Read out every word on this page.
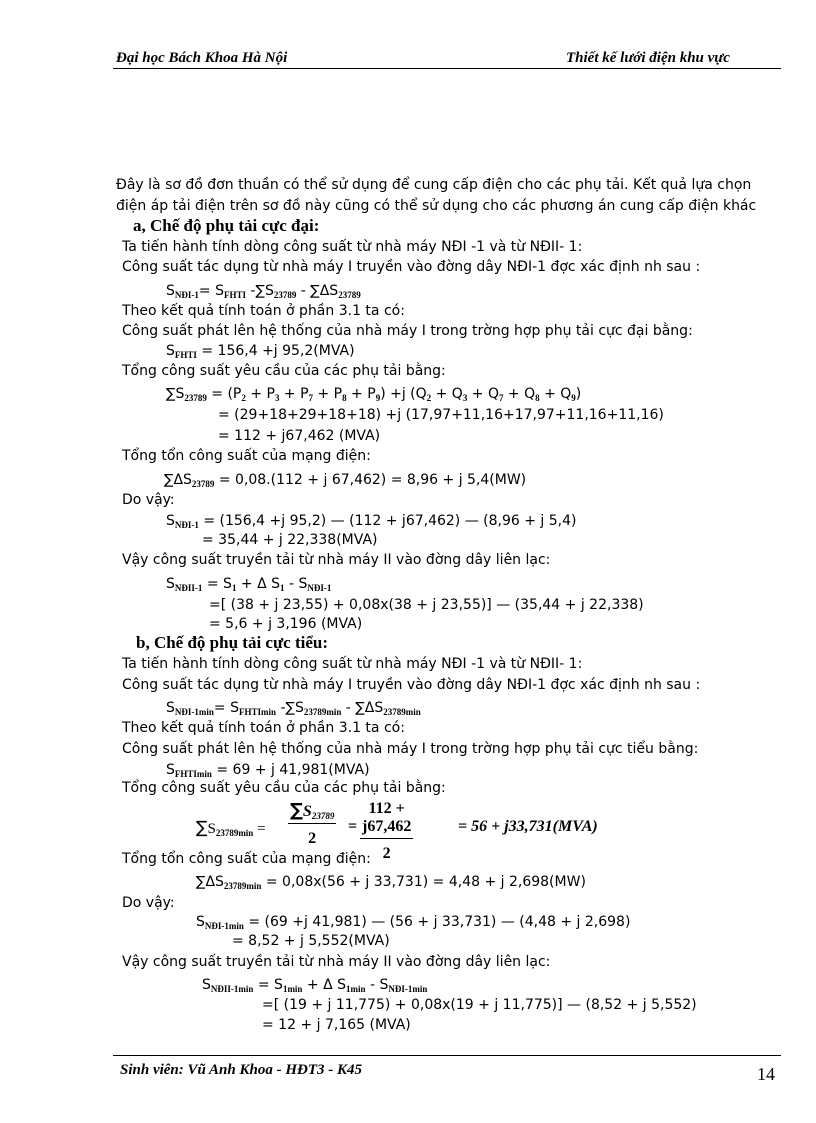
Đại học Bách Khoa Hà Nội	Thiết kế lưới điện khu vực
Đây là sơ đồ đơn thuần có thể sử dụng để cung cấp điện cho các phụ tải. Kết quả lựa chọn
điện áp tải điện trên sơ đồ này cũng có thể sử dụng cho các phương án cung cấp điện khác
a, Chế độ phụ tải cực đại:
Ta tiến hành tính dòng công suất từ nhà máy NĐI -1 và từ NĐII- 1:
Công suất tác dụng từ nhà máy I truyền vào đờng dây NĐI-1 đợc xác định nh sau :
$S_{NĐI-1}= S_{FHTI}$ $-\sum S_{23789} - \sum\Delta S_{23789}$
Theo kết quả tính toán ở phần 3.1 ta có:
Công suất phát lên hệ thống của nhà máy I trong trờng hợp phụ tải cực đại bằng:
$S_{FHTI} = 156,4 +j$ 95,2(MVA)
Tổng công suất yêu cầu của các phụ tải bằng:
$\sum S_{23789} = (P_2 + P_3 + P_7 + P_8 + P_9) +j$ $(Q_2 + Q_3 + Q_7 + Q_8 + Q_9)$
= (29+18+29+18+18) +j (17,97+11,16+17,97+11,16+11,16)
= 112 + j67,462 (MVA)
Tổng tổn công suất của mạng điện:
$\sum\Delta S_{23789} = 0,08.(112 + j$ 67,462) = 8,96 + j 5,4(MW)
Do vậy:
$S_{NĐI-1} = (156,4 +j$ 95,2) — (112 + j67,462) — (8,96 + j 5,4)
= 35,44 + j 22,338(MVA)
Vậy công suất truyền tải từ nhà máy II vào đờng dây liên lạc:
$S_{NĐII-1} = S_1 + \Delta$ $S_1 - S_{NĐI-1}$
=[ (38 + j 23,55) + 0,08x(38 + j 23,55)] — (35,44 + j 22,338)
= 5,6 + j 3,196 (MVA)
b, Chế độ phụ tải cực tiểu:
Ta tiến hành tính dòng công suất từ nhà máy NĐI -1 và từ NĐII- 1:
Công suất tác dụng từ nhà máy I truyền vào đờng dây NĐI-1 đợc xác định nh sau :
$S_{NĐI-1min}= S_{FHTImin}$ $-\sum S_{23789min} - \sum\Delta S_{23789min}$
Theo kết quả tính toán ở phần 3.1 ta có:
Công suất phát lên hệ thống của nhà máy I trong trờng hợp phụ tải cực tiểu bằng:
$S_{FHTImin} = 69 + j$ 41,981(MVA)
Tổng công suất yêu cầu của các phụ tải bằng:
$\sum S_{23789min} = \frac{\sum S_{23789}}{2} = \frac{112 + j67,462}{2}$	= 56 + j33,731(MVA)
Tổng tổn công suất của mạng điện:
$\sum\Delta S_{23789min} = 0,08x(56 + j$ 33,731) = 4,48 + j 2,698(MW)
Do vậy:
$S_{NĐI-1min} = (69 +j$ 41,981) — (56 + j 33,731) — (4,48 + j 2,698)
= 8,52 + j 5,552(MVA)
Vậy công suất truyền tải từ nhà máy II vào đờng dây liên lạc:
$S_{NĐII-1min} = S_{1min} + \Delta$ $S_{1min} - S_{NĐI-1min}$
=[ (19 + j 11,775) + 0,08x(19 + j 11,775)] — (8,52 + j 5,552)
= 12 + j 7,165 (MVA)
Sinh viên: Vũ Anh Khoa - HĐT3 - K45	14
